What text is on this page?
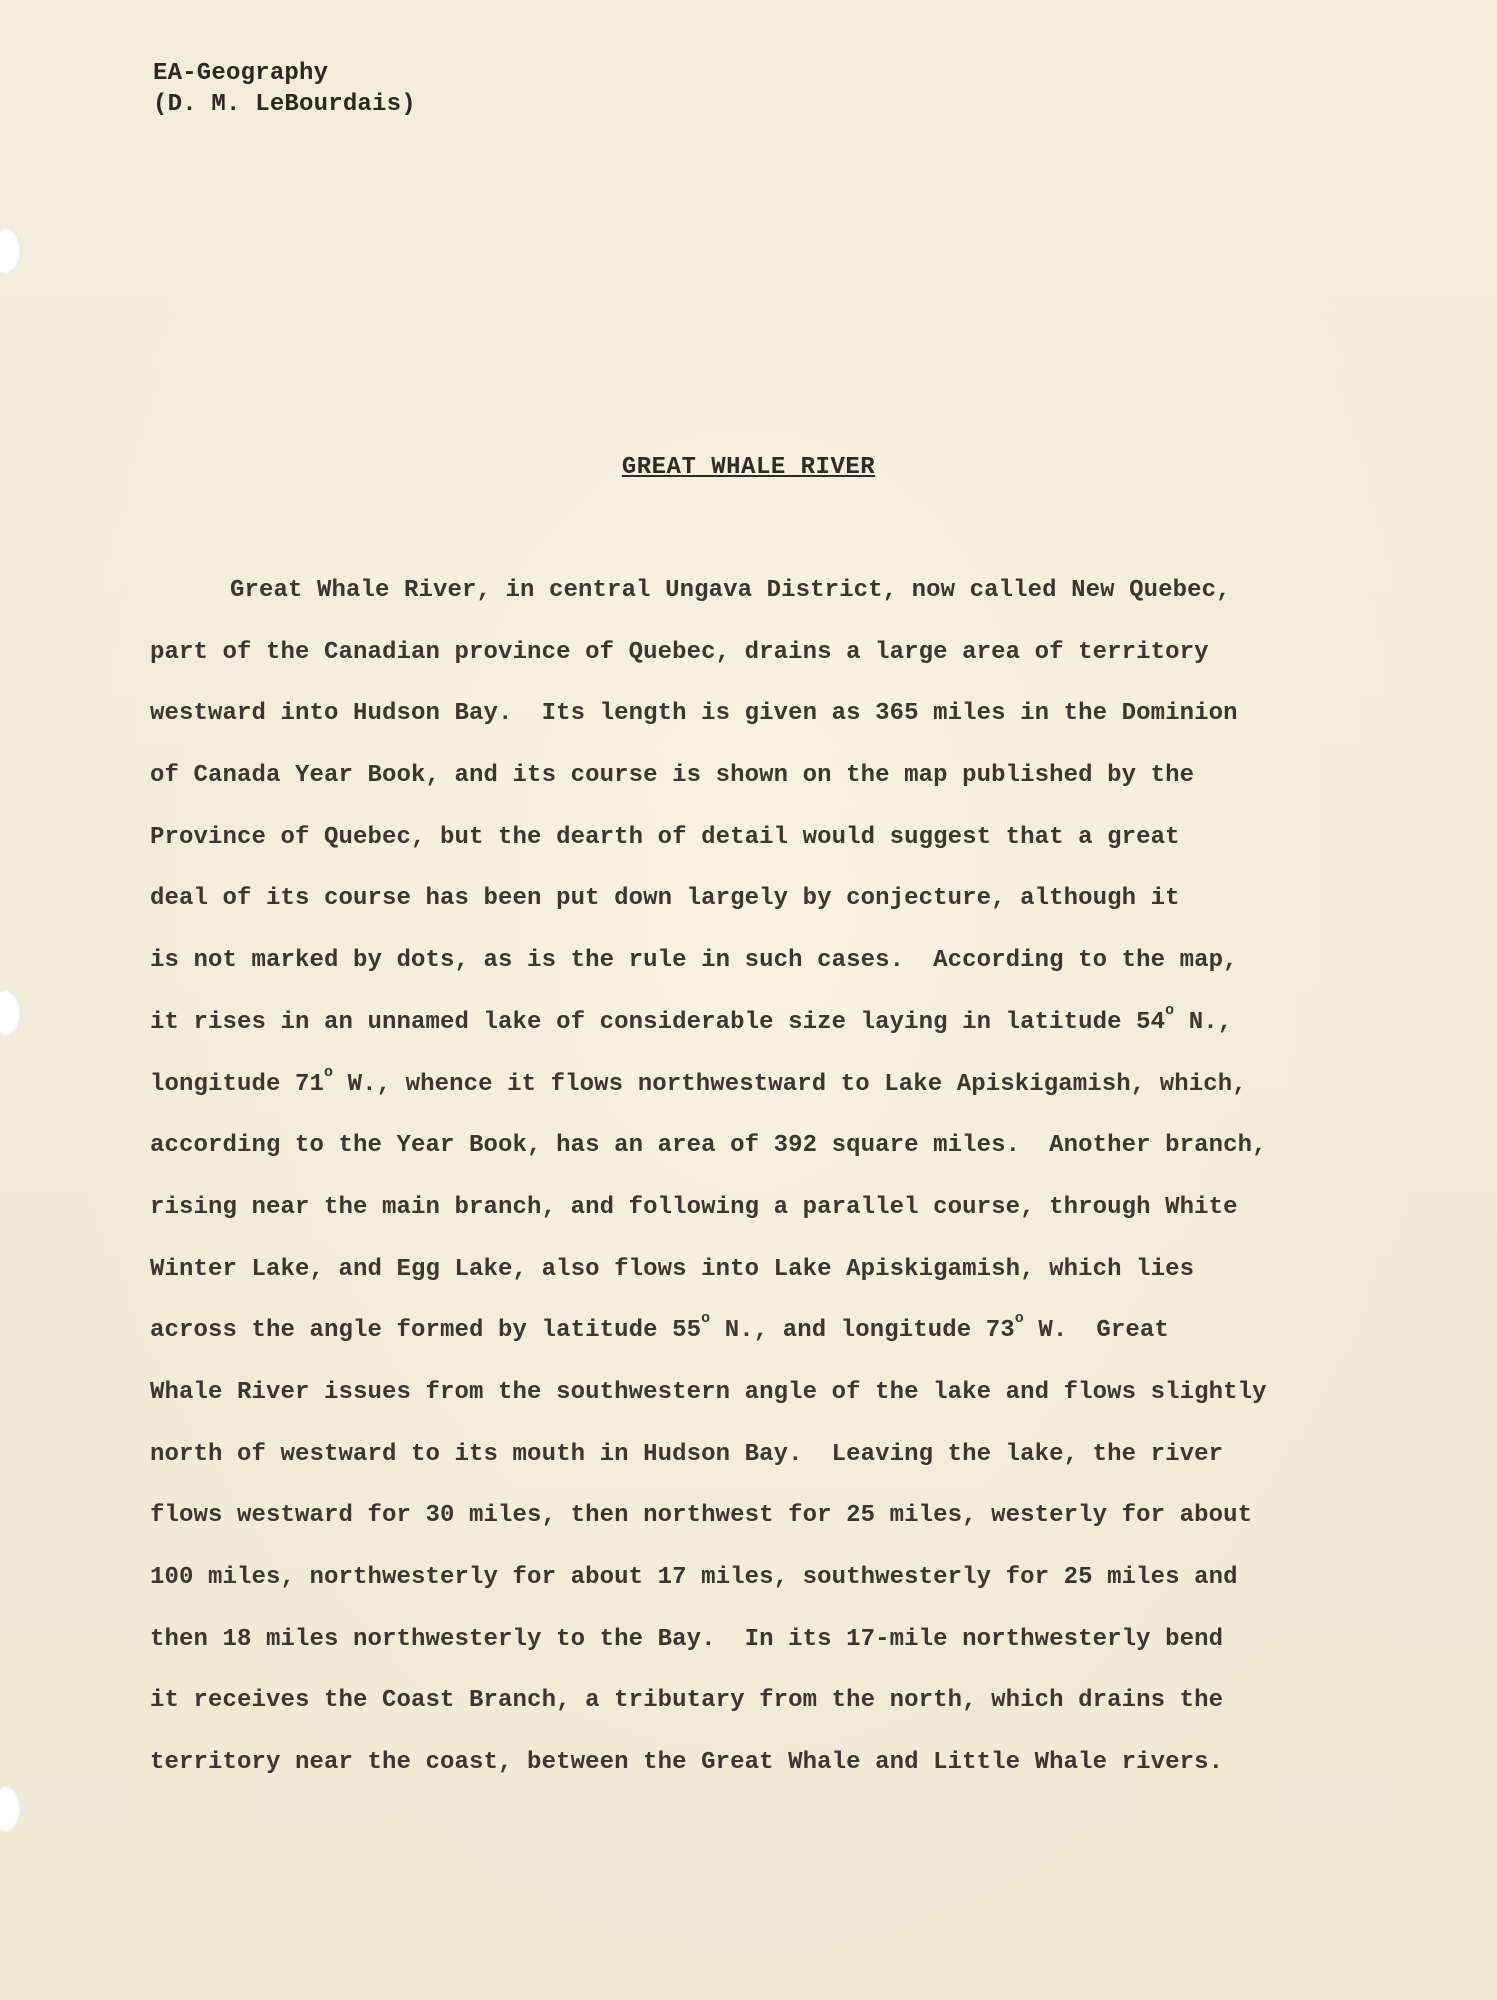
EA-Geography
(D. M. LeBourdais)
GREAT WHALE RIVER
Great Whale River, in central Ungava District, now called New Quebec,
part of the Canadian province of Quebec, drains a large area of territory
westward into Hudson Bay.  Its length is given as 365 miles in the Dominion
of Canada Year Book, and its course is shown on the map published by the
Province of Quebec, but the dearth of detail would suggest that a great
deal of its course has been put down largely by conjecture, although it
is not marked by dots, as is the rule in such cases.  According to the map,
it rises in an unnamed lake of considerable size laying in latitude 54$^o$ N.,
longitude 71$^o$ W., whence it flows northwestward to Lake Apiskigamish, which,
according to the Year Book, has an area of 392 square miles.  Another branch,
rising near the main branch, and following a parallel course, through White
Winter Lake, and Egg Lake, also flows into Lake Apiskigamish, which lies
across the angle formed by latitude 55$^o$ N., and longitude 73$^o$ W.  Great
Whale River issues from the southwestern angle of the lake and flows slightly
north of westward to its mouth in Hudson Bay.  Leaving the lake, the river
flows westward for 30 miles, then northwest for 25 miles, westerly for about
100 miles, northwesterly for about 17 miles, southwesterly for 25 miles and
then 18 miles northwesterly to the Bay.  In its 17-mile northwesterly bend
it receives the Coast Branch, a tributary from the north, which drains the
territory near the coast, between the Great Whale and Little Whale rivers.
